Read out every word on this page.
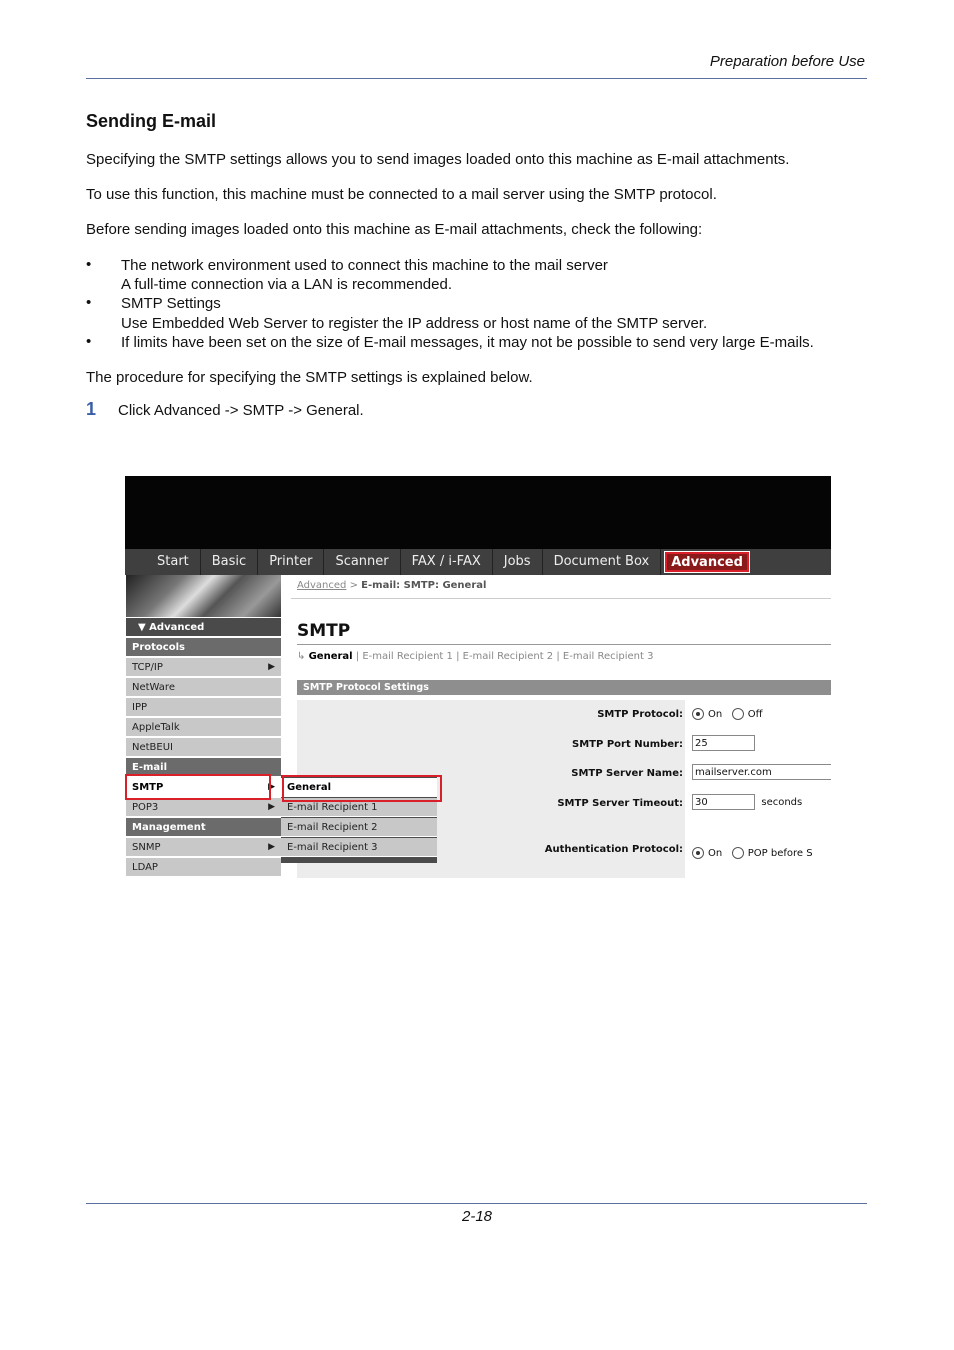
Preparation before Use
Sending E-mail
Specifying the SMTP settings allows you to send images loaded onto this machine as E-mail attachments.
To use this function, this machine must be connected to a mail server using the SMTP protocol.
Before sending images loaded onto this machine as E-mail attachments, check the following:
• The network environment used to connect this machine to the mail server
A full-time connection via a LAN is recommended.
• SMTP Settings
Use Embedded Web Server to register the IP address or host name of the SMTP server.
• If limits have been set on the size of E-mail messages, it may not be possible to send very large E-mails.
The procedure for specifying the SMTP settings is explained below.
1 Click Advanced -> SMTP -> General.
Start	Basic	Printer	Scanner	FAX / i-FAX	Jobs	Document Box	Advanced
▼ Advanced
Protocols
TCP/IP	▶
NetWare
IPP
AppleTalk
NetBEUI
E-mail
SMTP	▶
POP3	▶
Management
SNMP	▶
LDAP
Advanced > E-mail: SMTP: General
SMTP
↳ General | E-mail Recipient 1 | E-mail Recipient 2 | E-mail Recipient 3
SMTP Protocol Settings
SMTP Protocol:	On	Off
SMTP Port Number:	25
SMTP Server Name:	mailserver.com
SMTP Server Timeout:	30	seconds
Authentication Protocol:	On	POP before S
General
E-mail Recipient 1
E-mail Recipient 2
E-mail Recipient 3
2-18
